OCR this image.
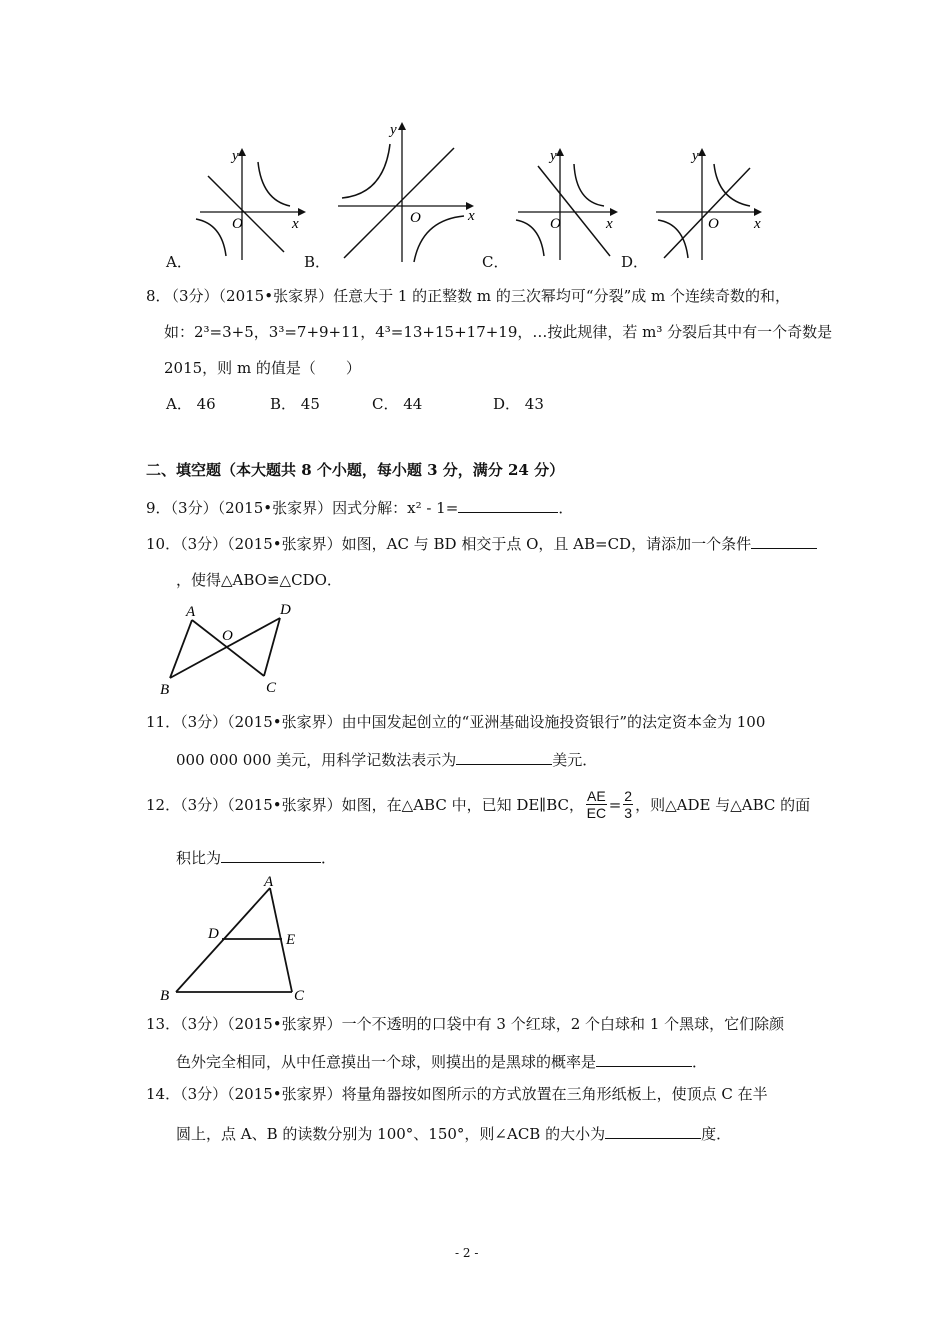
y
x
O
A．
y
x
O
B．
y
x
O
C．
y
x
O
D．
8．
（3分）（2015•张家界）任意大于 1 的正整数 m 的三次幂均可“分裂”成 m 个连续奇数的和，
如：2³=3+5，3³=7+9+11，4³=13+15+17+19，…按此规律，若 m³ 分裂后其中有一个奇数是
2015，则 m 的值是（　　）
A． 46	B． 45	C． 44	D． 43
二、填空题（本大题共 8 个小题，每小题 3 分，满分 24 分）
9．（3分）（2015•张家界）因式分解：x² - 1=	．
10．（3分）（2015•张家界）如图，AC 与 BD 相交于点 O，且 AB=CD，请添加一个条件
，使得△ABO≌△CDO．
A
B	C
D
O
11．（3分）（2015•张家界）由中国发起创立的“亚洲基础设施投资银行”的法定资本金为 100
000 000 000 美元，用科学记数法表示为	美元．
12．（3分）（2015•张家界）如图，在△ABC 中，已知 DE∥BC， $\frac{AE}{EC} = \frac{2}{3}$ ，则△ADE 与△ABC 的面
积比为	．
A
B	C
D	E
13．（3分）（2015•张家界）一个不透明的口袋中有 3 个红球，2 个白球和 1 个黑球，它们除颜
色外完全相同，从中任意摸出一个球，则摸出的是黑球的概率是	．
14．（3分）（2015•张家界）将量角器按如图所示的方式放置在三角形纸板上，使顶点 C 在半
圆上，点 A、B 的读数分别为 100°、150°，则∠ACB 的大小为	度．
- 2 -
